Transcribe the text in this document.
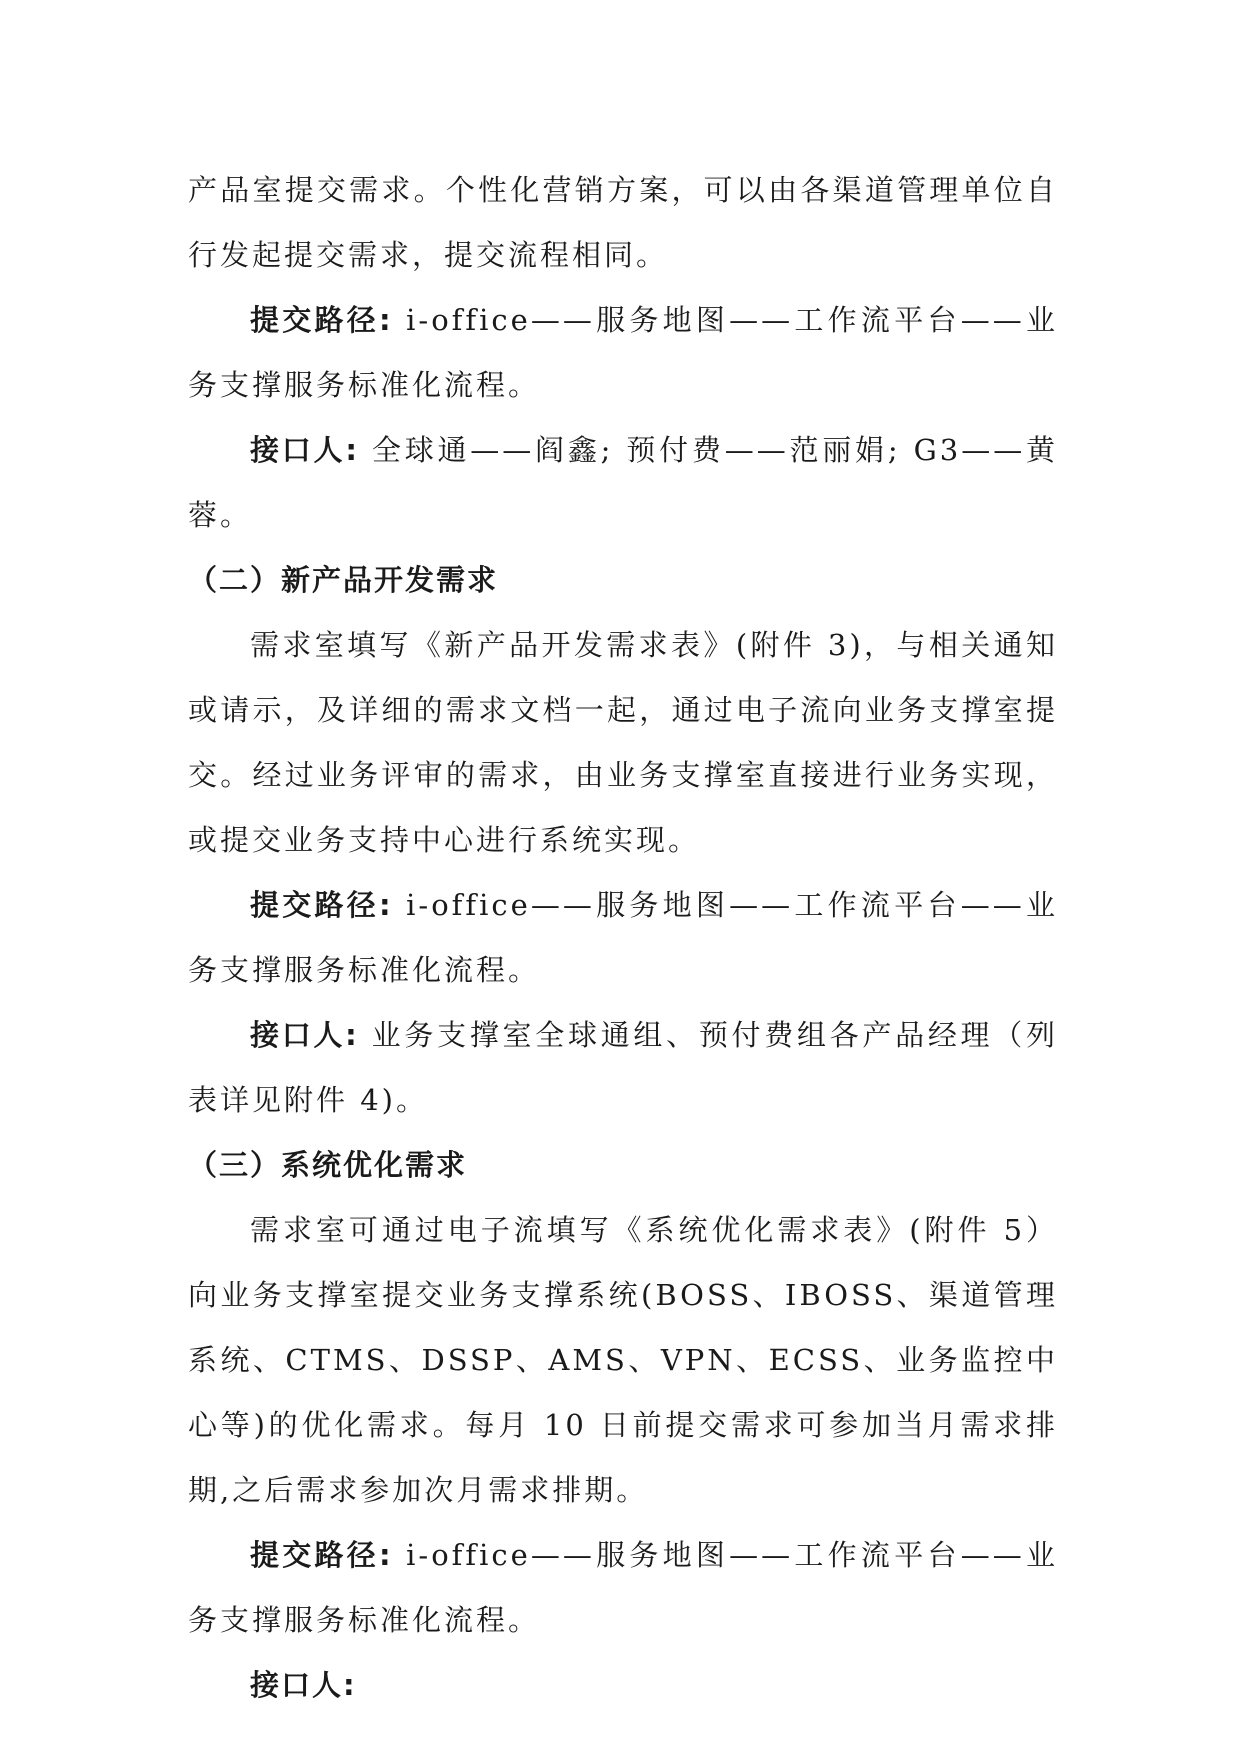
产品室提交需求。个性化营销方案，可以由各渠道管理单位自行发起提交需求，提交流程相同。

提交路径: i-office——服务地图——工作流平台——业务支撑服务标准化流程。

接口人: 全球通——阎鑫; 预付费——范丽娟; G3——黄蓉。

（二）新产品开发需求

需求室填写《新产品开发需求表》(附件 3)，与相关通知或请示，及详细的需求文档一起，通过电子流向业务支撑室提交。经过业务评审的需求，由业务支撑室直接进行业务实现，或提交业务支持中心进行系统实现。

提交路径: i-office——服务地图——工作流平台——业务支撑服务标准化流程。

接口人: 业务支撑室全球通组、预付费组各产品经理（列表详见附件 4)。

（三）系统优化需求

需求室可通过电子流填写《系统优化需求表》(附件 5）向业务支撑室提交业务支撑系统(BOSS、IBOSS、渠道管理系统、CTMS、DSSP、AMS、VPN、ECSS、业务监控中心等)的优化需求。每月 10 日前提交需求可参加当月需求排期,之后需求参加次月需求排期。

提交路径: i-office——服务地图——工作流平台——业务支撑服务标准化流程。

接口人:
